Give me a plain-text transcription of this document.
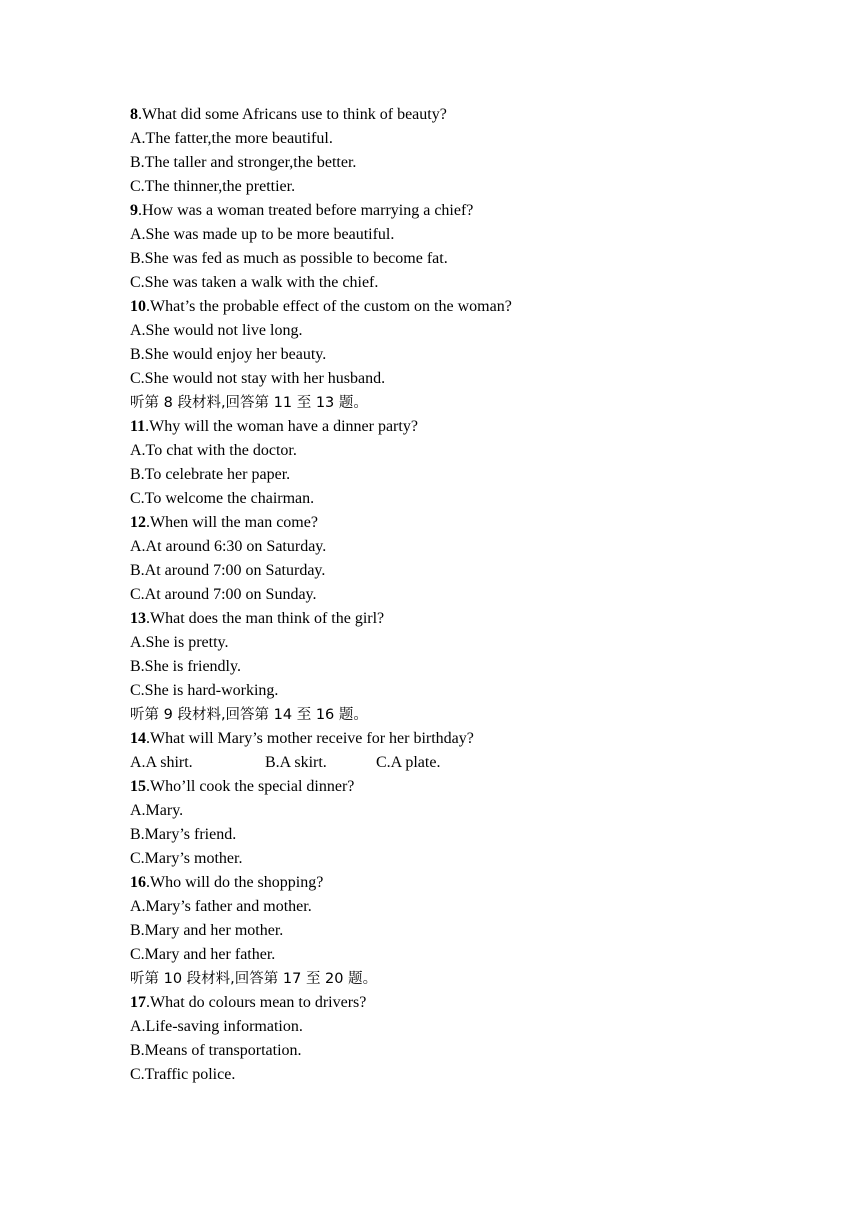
8.What did some Africans use to think of beauty?
A.The fatter,the more beautiful.
B.The taller and stronger,the better.
C.The thinner,the prettier.
9.How was a woman treated before marrying a chief?
A.She was made up to be more beautiful.
B.She was fed as much as possible to become fat.
C.She was taken a walk with the chief.
10.What’s the probable effect of the custom on the woman?
A.She would not live long.
B.She would enjoy her beauty.
C.She would not stay with her husband.
听第 8 段材料,回答第 11 至 13 题。
11.Why will the woman have a dinner party?
A.To chat with the doctor.
B.To celebrate her paper.
C.To welcome the chairman.
12.When will the man come?
A.At around 6:30 on Saturday.
B.At around 7:00 on Saturday.
C.At around 7:00 on Sunday.
13.What does the man think of the girl?
A.She is pretty.
B.She is friendly.
C.She is hard-working.
听第 9 段材料,回答第 14 至 16 题。
14.What will Mary’s mother receive for her birthday?
A.A shirt.	B.A skirt.	C.A plate.
15.Who’ll cook the special dinner?
A.Mary.
B.Mary’s friend.
C.Mary’s mother.
16.Who will do the shopping?
A.Mary’s father and mother.
B.Mary and her mother.
C.Mary and her father.
听第 10 段材料,回答第 17 至 20 题。
17.What do colours mean to drivers?
A.Life-saving information.
B.Means of transportation.
C.Traffic police.
